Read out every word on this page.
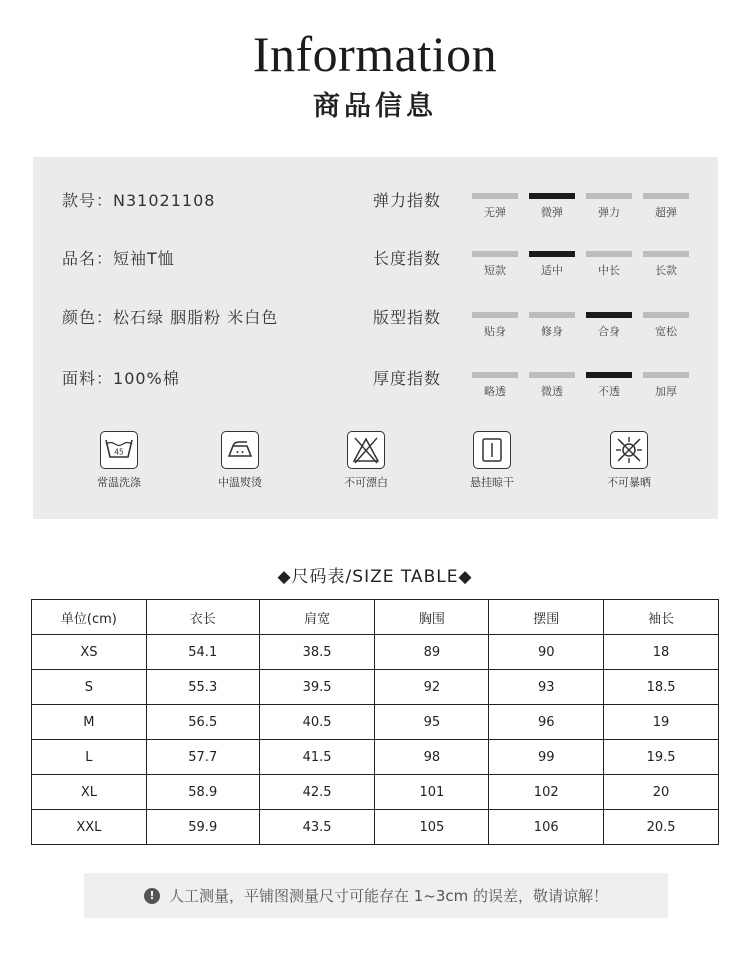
Information
商品信息
款号：N31021108
品名：短袖T恤
颜色：松石绿 胭脂粉 米白色
面料：100%棉
弹力指数
长度指数
版型指数
厚度指数
无弹	微弹	弹力	超弹
短款	适中	中长	长款
贴身	修身	合身	宽松
略透	微透	不透	加厚
45
常温洗涤	中温熨烫	不可漂白	悬挂晾干	不可暴晒
◆尺码表/SIZE TABLE◆
单位(cm)	衣长	肩宽	胸围	摆围	袖长
XS	54.1	38.5	89	90	18
S	55.3	39.5	92	93	18.5
M	56.5	40.5	95	96	19
L	57.7	41.5	98	99	19.5
XL	58.9	42.5	101	102	20
XXL	59.9	43.5	105	106	20.5
! 人工测量，平铺图测量尺寸可能存在 1~3cm 的误差，敬请谅解！
